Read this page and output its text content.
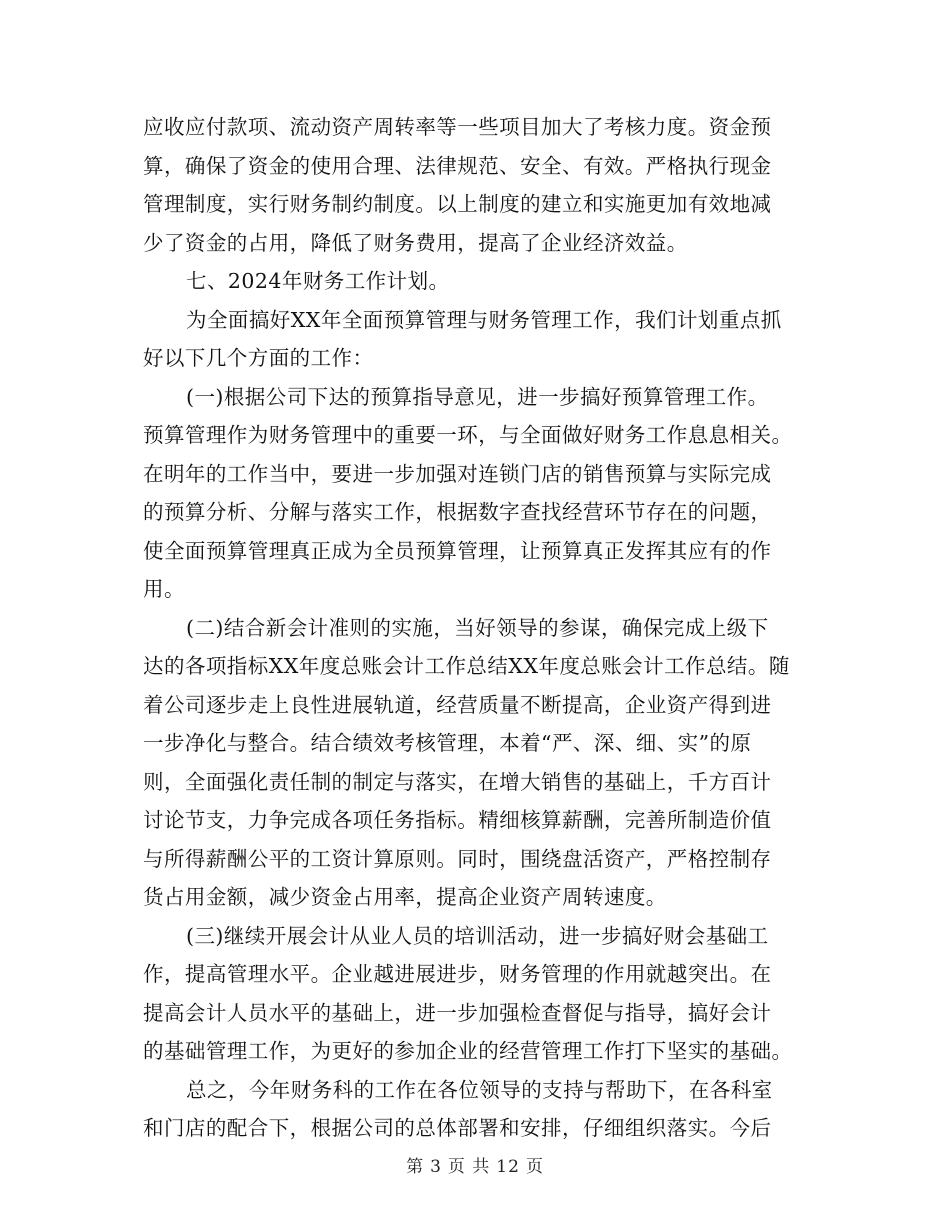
应收应付款项、流动资产周转率等一些项目加大了考核力度。资金预
算，确保了资金的使用合理、法律规范、安全、有效。严格执行现金
管理制度，实行财务制约制度。以上制度的建立和实施更加有效地减
少了资金的占用，降低了财务费用，提高了企业经济效益。

七、2024年财务工作计划。

为全面搞好XX年全面预算管理与财务管理工作，我们计划重点抓
好以下几个方面的工作：

(一)根据公司下达的预算指导意见，进一步搞好预算管理工作。
预算管理作为财务管理中的重要一环，与全面做好财务工作息息相关。
在明年的工作当中，要进一步加强对连锁门店的销售预算与实际完成
的预算分析、分解与落实工作，根据数字查找经营环节存在的问题，
使全面预算管理真正成为全员预算管理，让预算真正发挥其应有的作
用。

(二)结合新会计准则的实施，当好领导的参谋，确保完成上级下
达的各项指标XX年度总账会计工作总结XX年度总账会计工作总结。随
着公司逐步走上良性进展轨道，经营质量不断提高，企业资产得到进
一步净化与整合。结合绩效考核管理，本着“严、深、细、实”的原
则，全面强化责任制的制定与落实，在增大销售的基础上，千方百计
讨论节支，力争完成各项任务指标。精细核算薪酬，完善所制造价值
与所得薪酬公平的工资计算原则。同时，围绕盘活资产，严格控制存
货占用金额，减少资金占用率，提高企业资产周转速度。

(三)继续开展会计从业人员的培训活动，进一步搞好财会基础工
作，提高管理水平。企业越进展进步，财务管理的作用就越突出。在
提高会计人员水平的基础上，进一步加强检查督促与指导，搞好会计
的基础管理工作，为更好的参加企业的经营管理工作打下坚实的基础。

总之，今年财务科的工作在各位领导的支持与帮助下，在各科室
和门店的配合下，根据公司的总体部署和安排，仔细组织落实。今后

第 3 页 共 12 页
